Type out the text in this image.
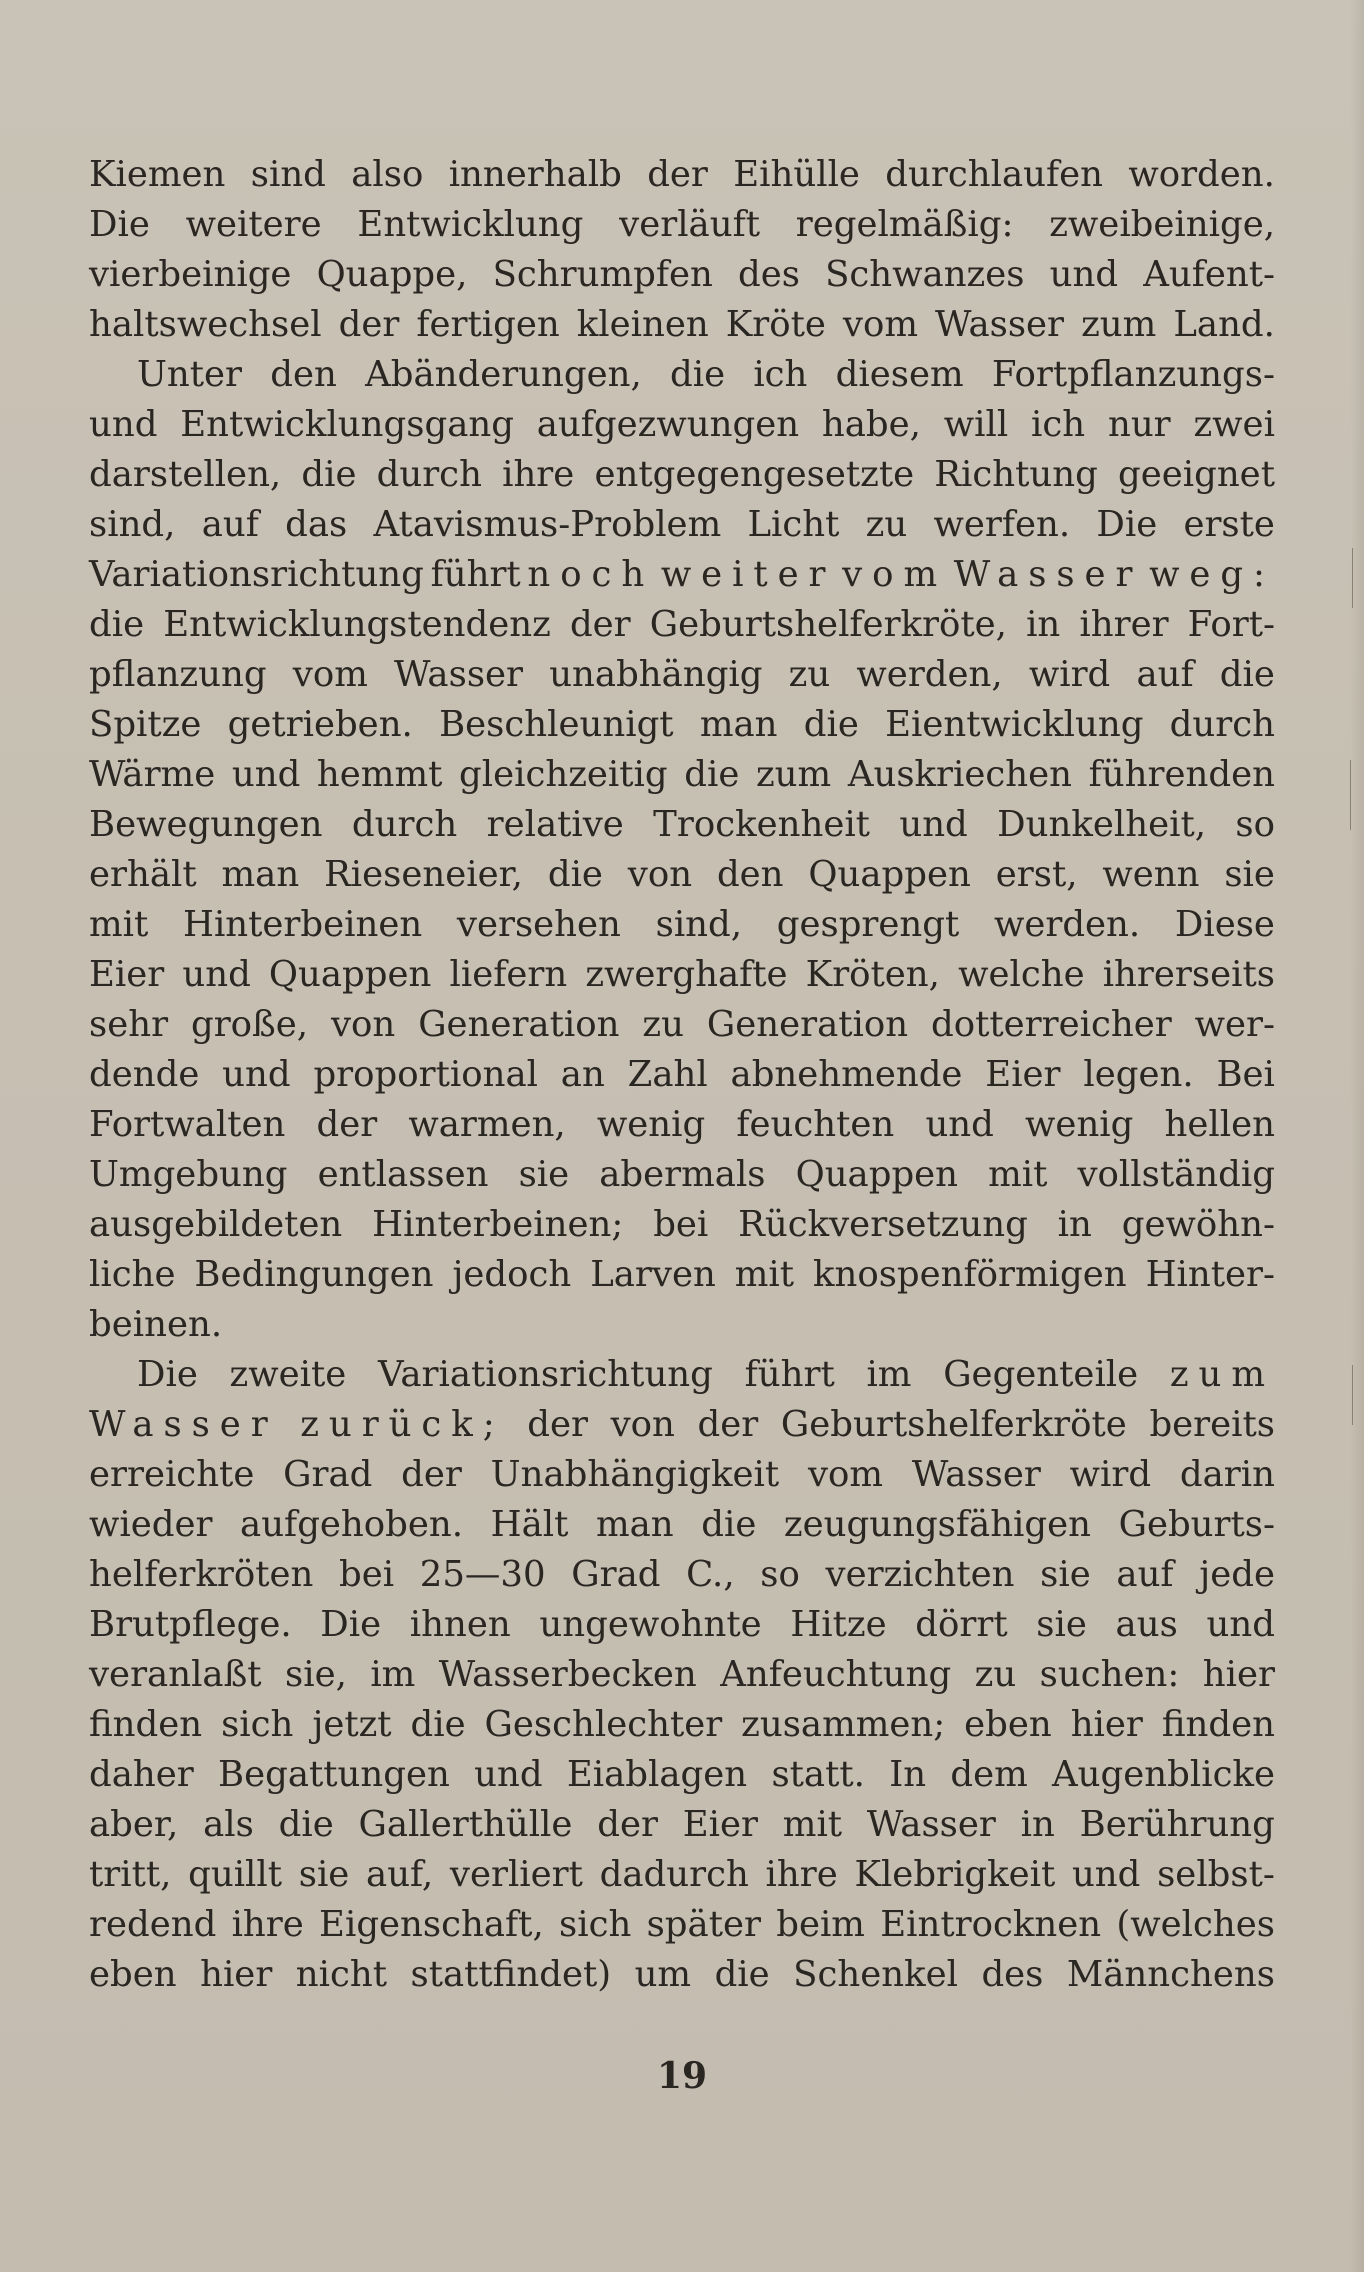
Kiemen sind also innerhalb der Eihülle durchlaufen worden.
Die weitere Entwicklung verläuft regelmäßig: zweibeinige,
vierbeinige Quappe, Schrumpfen des Schwanzes und Aufent-
haltswechsel der fertigen kleinen Kröte vom Wasser zum Land.
Unter den Abänderungen, die ich diesem Fortpflanzungs-
und Entwicklungsgang aufgezwungen habe, will ich nur zwei
darstellen, die durch ihre entgegengesetzte Richtung geeignet
sind, auf das Atavismus-Problem Licht zu werfen. Die erste
Variationsrichtung führt noch weiter vom Wasser weg:
die Entwicklungstendenz der Geburtshelferkröte, in ihrer Fort-
pflanzung vom Wasser unabhängig zu werden, wird auf die
Spitze getrieben. Beschleunigt man die Eientwicklung durch
Wärme und hemmt gleichzeitig die zum Auskriechen führenden
Bewegungen durch relative Trockenheit und Dunkelheit, so
erhält man Rieseneier, die von den Quappen erst, wenn sie
mit Hinterbeinen versehen sind, gesprengt werden. Diese
Eier und Quappen liefern zwerghafte Kröten, welche ihrerseits
sehr große, von Generation zu Generation dotterreicher wer-
dende und proportional an Zahl abnehmende Eier legen. Bei
Fortwalten der warmen, wenig feuchten und wenig hellen
Umgebung entlassen sie abermals Quappen mit vollständig
ausgebildeten Hinterbeinen; bei Rückversetzung in gewöhn-
liche Bedingungen jedoch Larven mit knospenförmigen Hinter-
beinen.
Die zweite Variationsrichtung führt im Gegenteile zum
Wasser zurück; der von der Geburtshelferkröte bereits
erreichte Grad der Unabhängigkeit vom Wasser wird darin
wieder aufgehoben. Hält man die zeugungsfähigen Geburts-
helferkröten bei 25—30 Grad C., so verzichten sie auf jede
Brutpflege. Die ihnen ungewohnte Hitze dörrt sie aus und
veranlaßt sie, im Wasserbecken Anfeuchtung zu suchen: hier
finden sich jetzt die Geschlechter zusammen; eben hier finden
daher Begattungen und Eiablagen statt. In dem Augenblicke
aber, als die Gallerthülle der Eier mit Wasser in Berührung
tritt, quillt sie auf, verliert dadurch ihre Klebrigkeit und selbst-
redend ihre Eigenschaft, sich später beim Eintrocknen (welches
eben hier nicht stattfindet) um die Schenkel des Männchens
19
